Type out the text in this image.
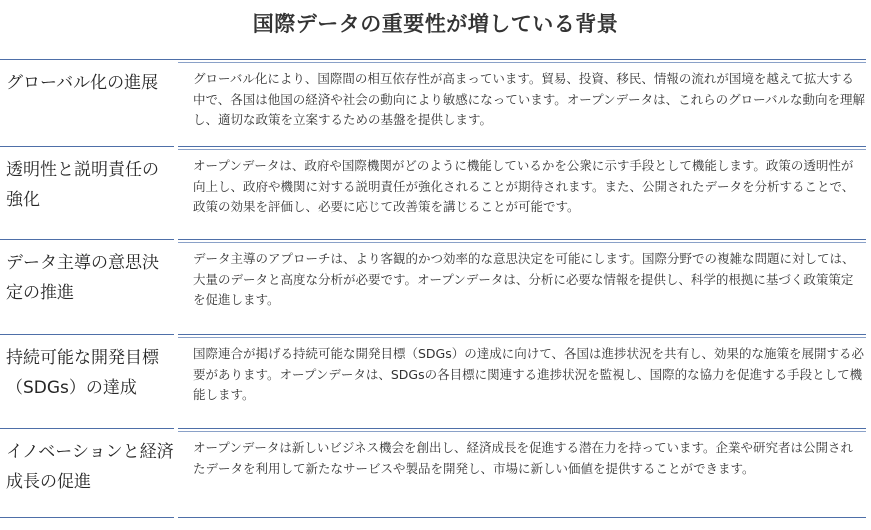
国際データの重要性が増している背景
グローバル化の進展	グローバル化により、国際間の相互依存性が高まっています。貿易、投資、移民、情報の流れが国境を越えて拡大する中で、各国は他国の経済や社会の動向により敏感になっています。オープンデータは、これらのグローバルな動向を理解し、適切な政策を立案するための基盤を提供します。
透明性と説明責任の強化
オープンデータは、政府や国際機関がどのように機能しているかを公衆に示す手段として機能します。政策の透明性が向上し、政府や機関に対する説明責任が強化されることが期待されます。また、公開されたデータを分析することで、政策の効果を評価し、必要に応じて改善策を講じることが可能です。
データ主導の意思決定の推進
データ主導のアプローチは、より客観的かつ効率的な意思決定を可能にします。国際分野での複雑な問題に対しては、大量のデータと高度な分析が必要です。オープンデータは、分析に必要な情報を提供し、科学的根拠に基づく政策策定を促進します。
持続可能な開発目標（SDGs）の達成
国際連合が掲げる持続可能な開発目標（SDGs）の達成に向けて、各国は進捗状況を共有し、効果的な施策を展開する必要があります。オープンデータは、SDGsの各目標に関連する進捗状況を監視し、国際的な協力を促進する手段として機能します。
イノベーションと経済成長の促進
オープンデータは新しいビジネス機会を創出し、経済成長を促進する潜在力を持っています。企業や研究者は公開されたデータを利用して新たなサービスや製品を開発し、市場に新しい価値を提供することができます。
